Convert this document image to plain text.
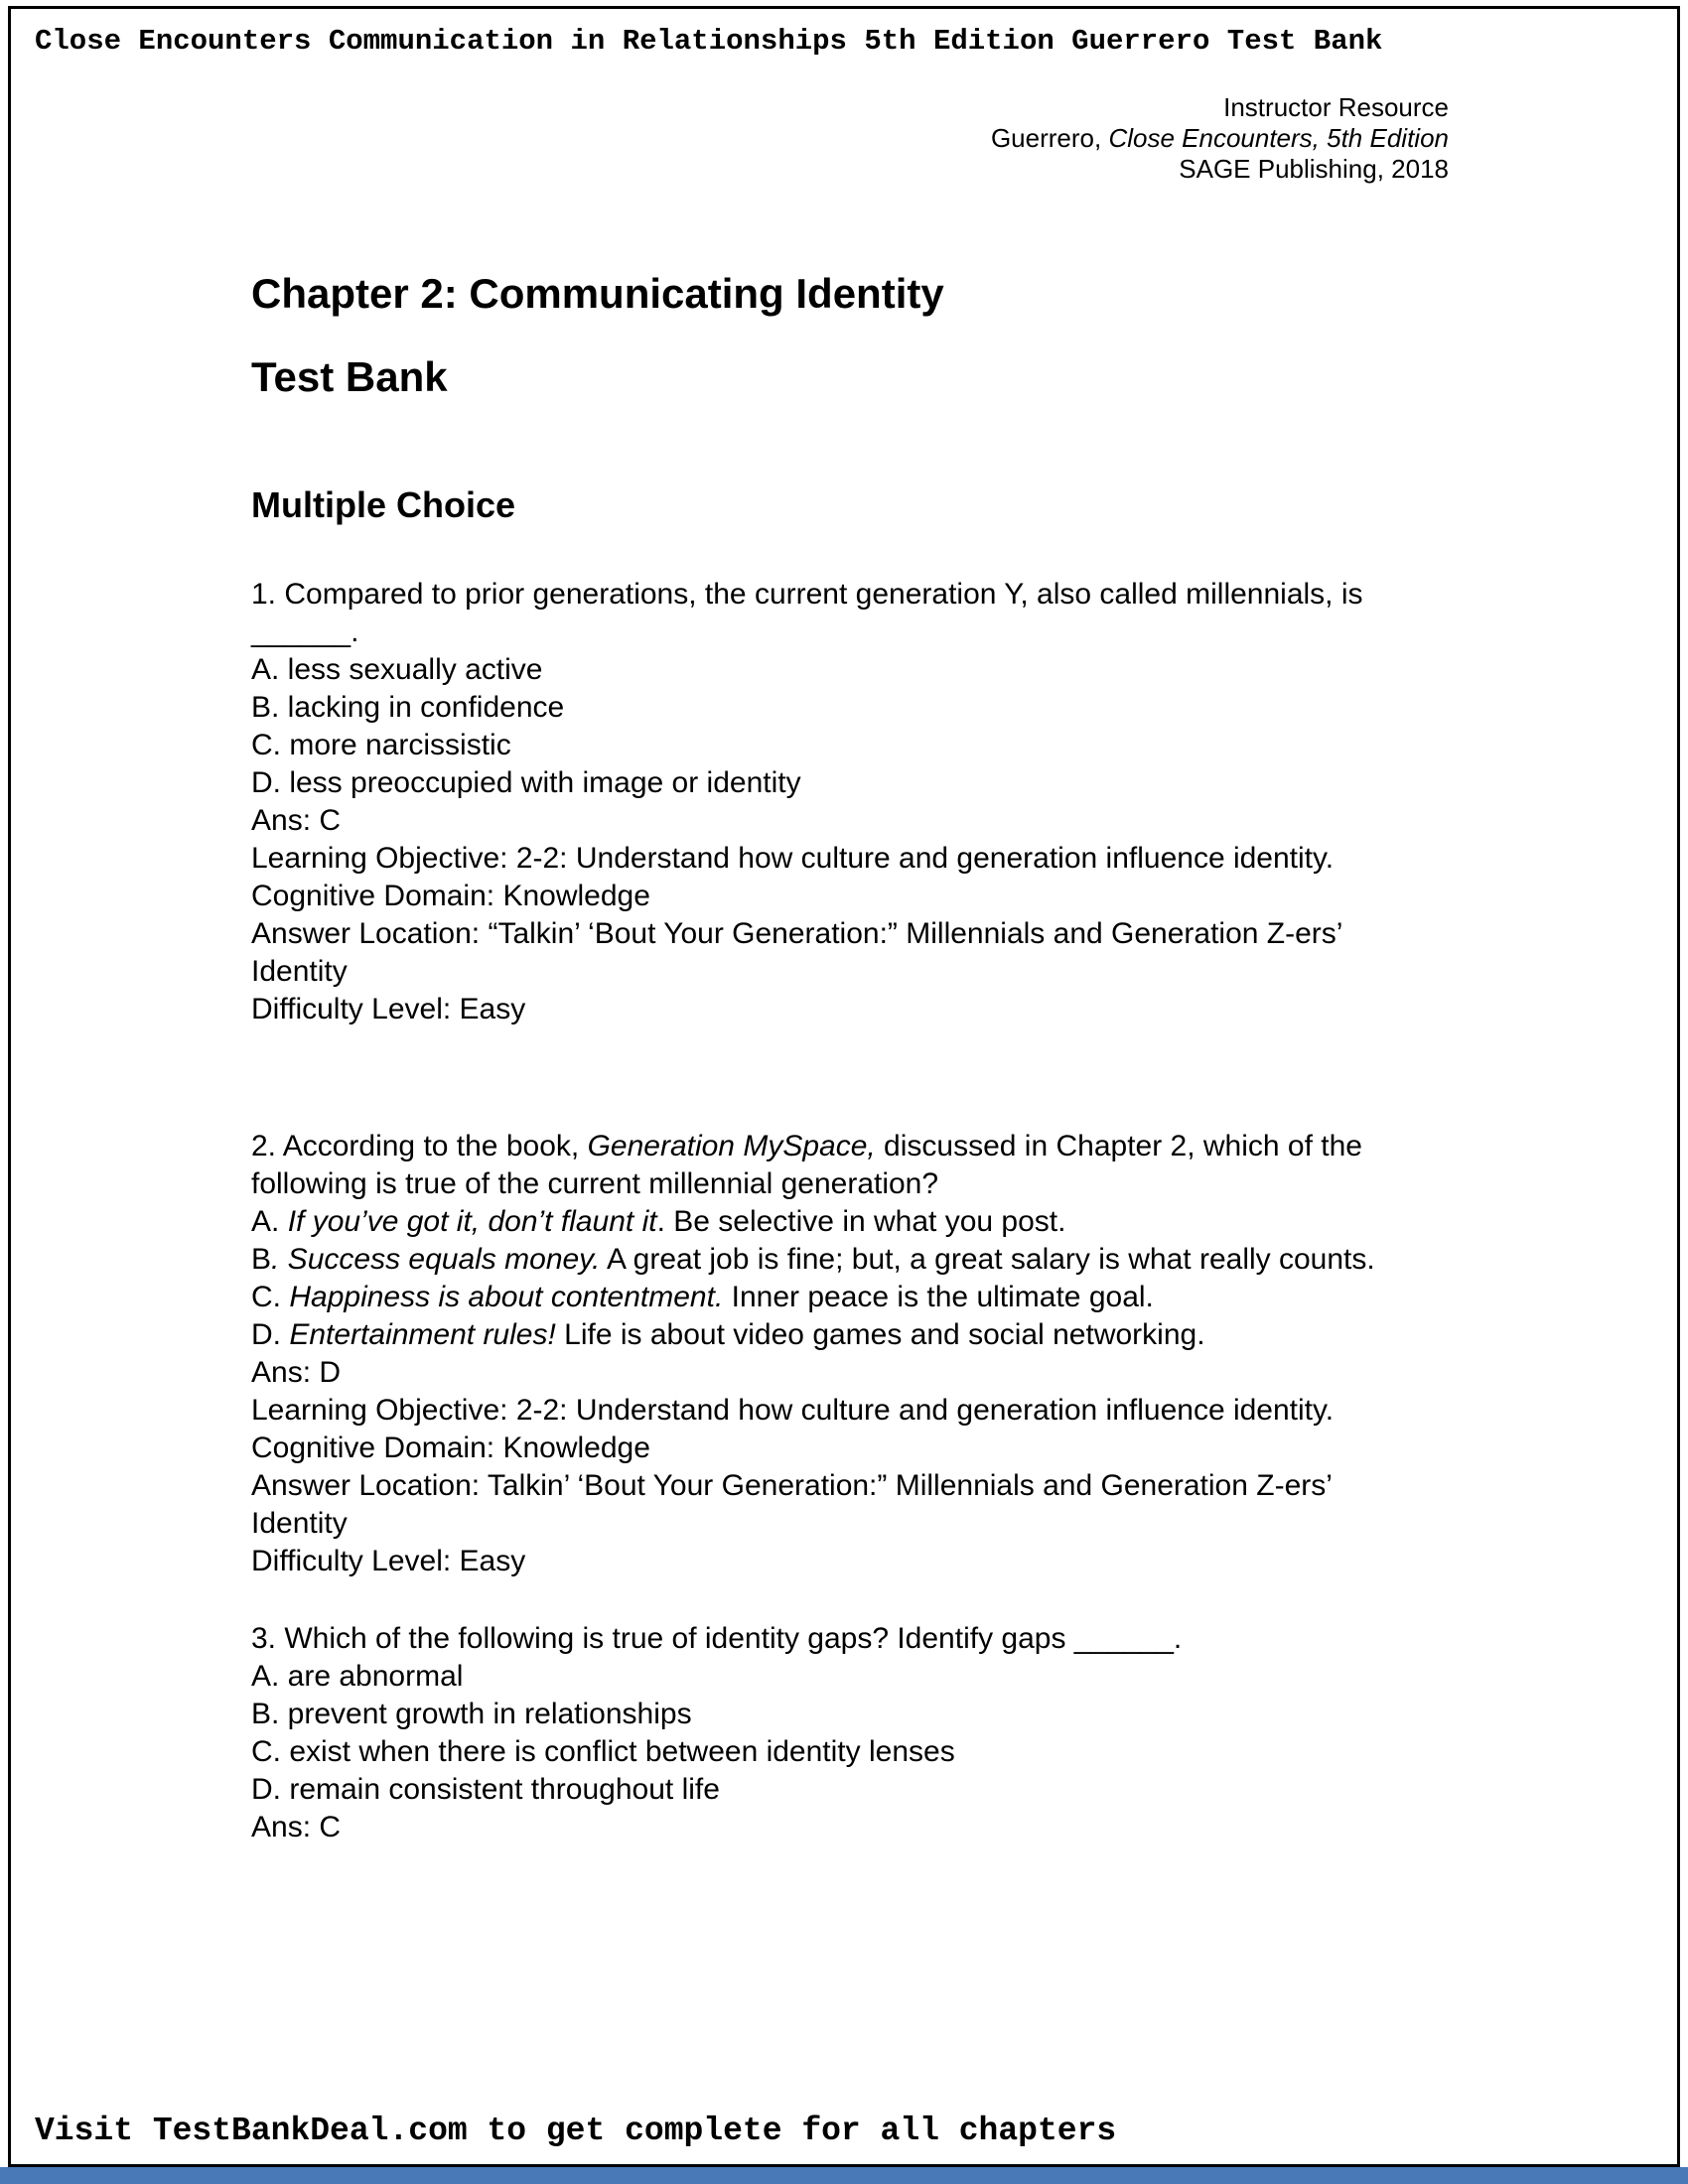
Close Encounters Communication in Relationships 5th Edition Guerrero Test Bank
Instructor Resource
Guerrero, Close Encounters, 5th Edition
SAGE Publishing, 2018
Chapter 2: Communicating Identity
Test Bank
Multiple Choice
1. Compared to prior generations, the current generation Y, also called millennials, is ______.
A. less sexually active
B. lacking in confidence
C. more narcissistic
D. less preoccupied with image or identity
Ans: C
Learning Objective: 2-2: Understand how culture and generation influence identity.
Cognitive Domain: Knowledge
Answer Location: “Talkin’ ‘Bout Your Generation:” Millennials and Generation Z-ers’ Identity
Difficulty Level: Easy
2. According to the book, Generation MySpace, discussed in Chapter 2, which of the following is true of the current millennial generation?
A. If you’ve got it, don’t flaunt it. Be selective in what you post.
B. Success equals money. A great job is fine; but, a great salary is what really counts.
C. Happiness is about contentment. Inner peace is the ultimate goal.
D. Entertainment rules! Life is about video games and social networking.
Ans: D
Learning Objective: 2-2: Understand how culture and generation influence identity.
Cognitive Domain: Knowledge
Answer Location: Talkin’ ‘Bout Your Generation:” Millennials and Generation Z-ers’ Identity
Difficulty Level: Easy
3. Which of the following is true of identity gaps? Identify gaps ______.
A. are abnormal
B. prevent growth in relationships
C. exist when there is conflict between identity lenses
D. remain consistent throughout life
Ans: C
Visit TestBankDeal.com to get complete for all chapters
